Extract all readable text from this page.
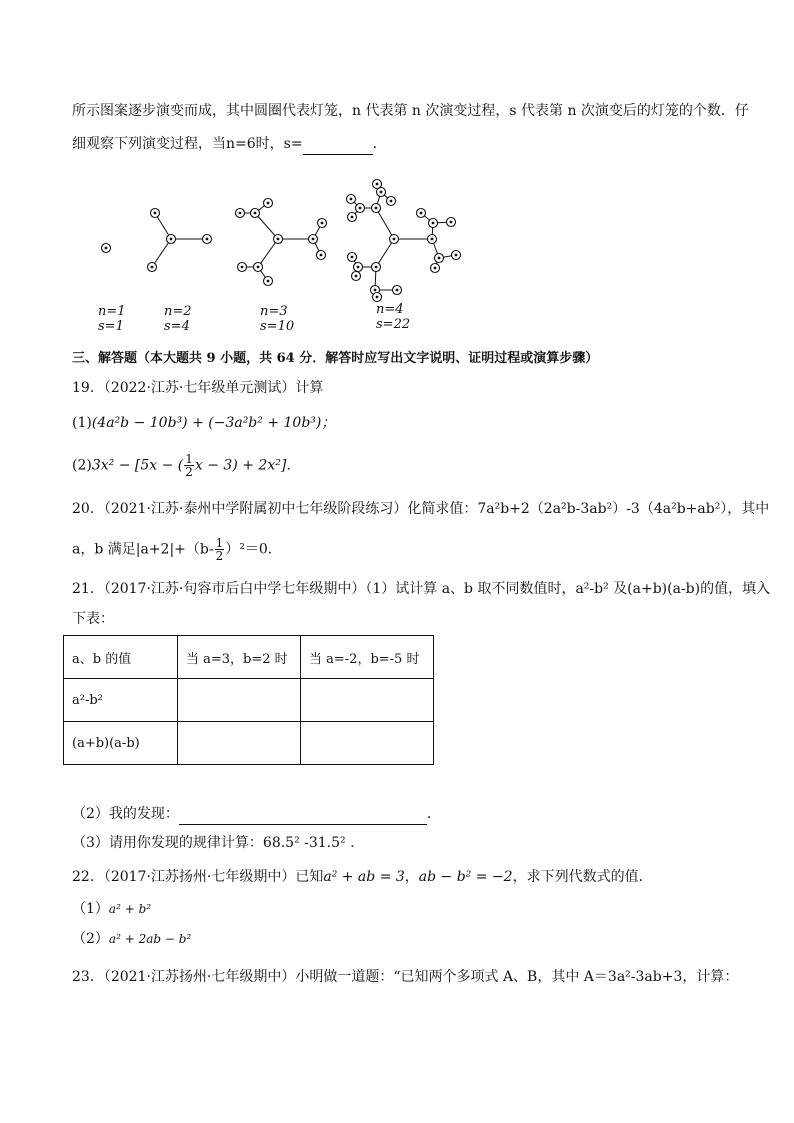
所示图案逐步演变而成，其中圆圈代表灯笼，n 代表第 n 次演变过程，s 代表第 n 次演变后的灯笼的个数．仔
细观察下列演变过程，当n=6时，s=	．
n=1
s=1
n=2
s=4
n=3
s=10
n=4
s=22
三、解答题（本大题共 9 小题，共 64 分．解答时应写出文字说明、证明过程或演算步骤）
19．（2022·江苏·七年级单元测试）计算
(1)(4a²b − 10b³) + (−3a²b² + 10b³)；
(2)3x² − [5x − ( $\frac{1}{2}$ x − 3) + 2x²]．
20．（2021·江苏·泰州中学附属初中七年级阶段练习）化简求值：7a²b+2（2a²b-3ab²）-3（4a²b+ab²），其中
a，b 满足$|a+2|+(b- \frac{1}{2} )^2=0$．
21．（2017·江苏·句容市后白中学七年级期中）（1）试计算 a、b 取不同数值时，a²-b² 及(a+b)(a-b)的值，填入
下表：
a、b 的值	当 a=3，b=2 时	当 a=-2，b=-5 时
a²-b²		
(a+b)(a-b)		
（2）我的发现：	.
（3）请用你发现的规律计算：68.5² -31.5² .
22．（2017·江苏扬州·七年级期中）已知a² + ab = 3，ab − b² = −2，求下列代数式的值．
（1）a² + b²
（2）a² + 2ab − b²
23．（2021·江苏扬州·七年级期中）小明做一道题：“已知两个多项式 A、B，其中 A＝3a²-3ab+3，计算：
